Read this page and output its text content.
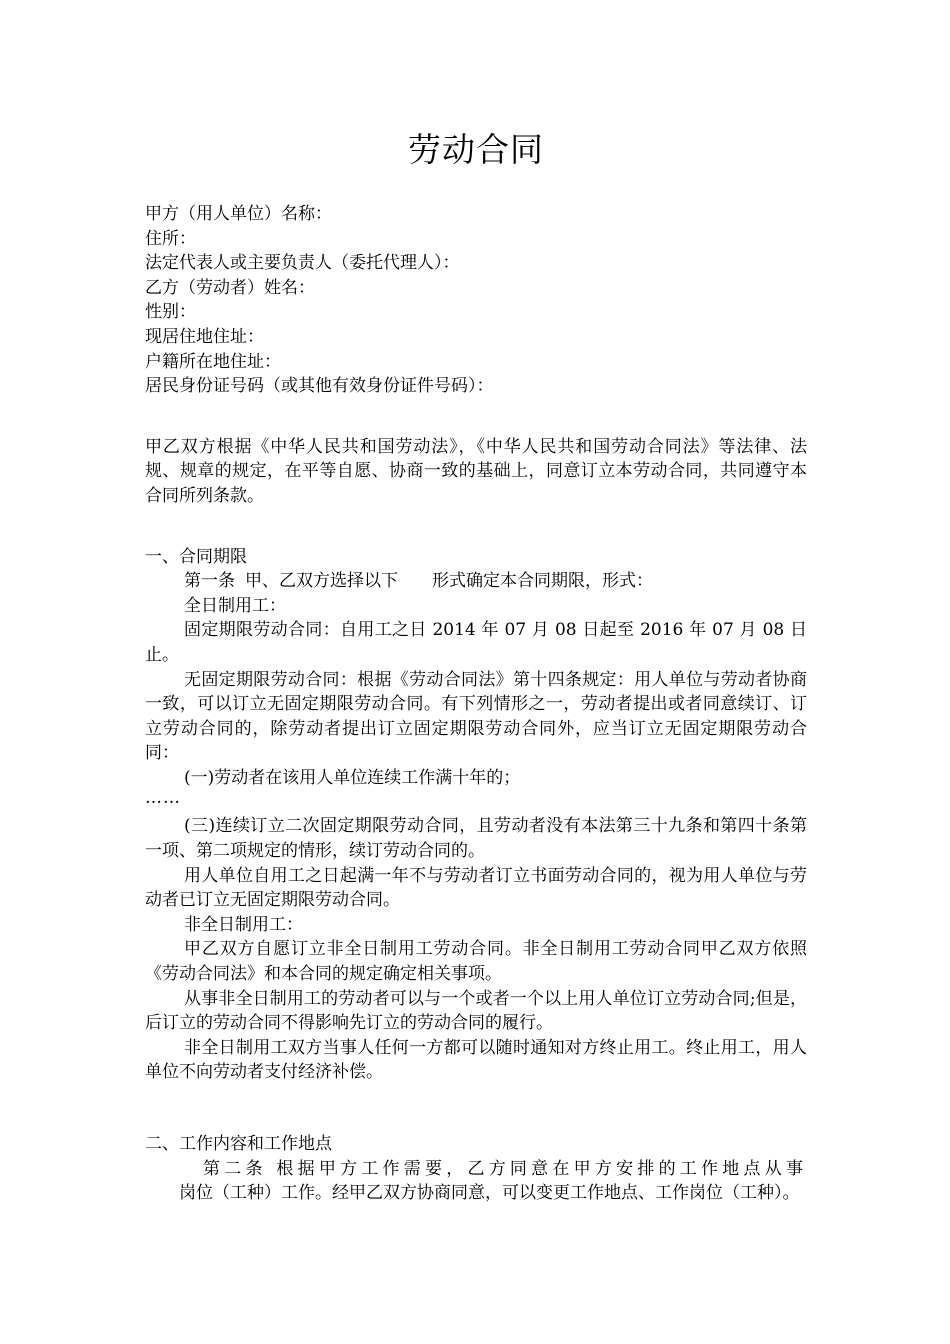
劳动合同

甲方（用人单位）名称：

住所：

法定代表人或主要负责人（委托代理人）：

乙方（劳动者）姓名：

性别：

现居住地住址：

户籍所在地住址：

居民身份证号码（或其他有效身份证件号码）：

甲乙双方根据《中华人民共和国劳动法》，《中华人民共和国劳动合同法》等法律、法规、规章的规定，在平等自愿、协商一致的基础上，同意订立本劳动合同，共同遵守本合同所列条款。

一、合同期限

第一条 甲、乙双方选择以下 形式确定本合同期限，形式：

全日制用工：

固定期限劳动合同：自用工之日 2014 年 07 月 08 日起至 2016 年 07 月 08 日止。

无固定期限劳动合同：根据《劳动合同法》第十四条规定：用人单位与劳动者协商一致，可以订立无固定期限劳动合同。有下列情形之一，劳动者提出或者同意续订、订立劳动合同的，除劳动者提出订立固定期限劳动合同外，应当订立无固定期限劳动合同：

(一)劳动者在该用人单位连续工作满十年的；

……

(三)连续订立二次固定期限劳动合同，且劳动者没有本法第三十九条和第四十条第一项、第二项规定的情形，续订劳动合同的。

用人单位自用工之日起满一年不与劳动者订立书面劳动合同的，视为用人单位与劳动者已订立无固定期限劳动合同。

非全日制用工：

甲乙双方自愿订立非全日制用工劳动合同。非全日制用工劳动合同甲乙双方依照《劳动合同法》和本合同的规定确定相关事项。

从事非全日制用工的劳动者可以与一个或者一个以上用人单位订立劳动合同;但是，后订立的劳动合同不得影响先订立的劳动合同的履行。

非全日制用工双方当事人任何一方都可以随时通知对方终止用工。终止用工，用人单位不向劳动者支付经济补偿。

二、工作内容和工作地点

第二条 根据甲方工作需要，乙方同意在甲方安排的工作地点从事岗位（工种）工作。经甲乙双方协商同意，可以变更工作地点、工作岗位（工种）。
